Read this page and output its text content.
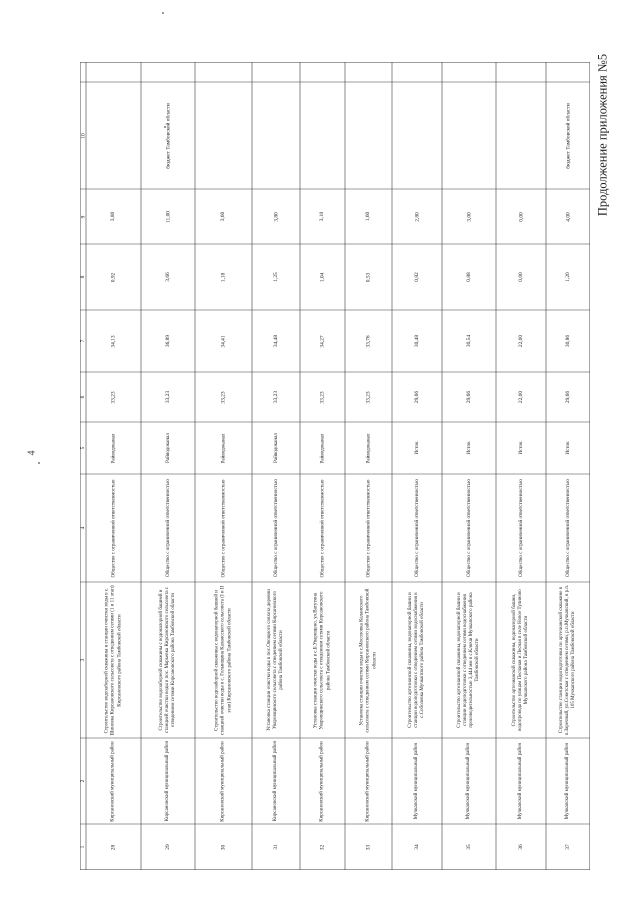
4
Продолжение приложения №5
1
2
3
4
5
6
7
8
9
10
28
Кирсановский муниципальный район
Строительство водозаборной скважины и станции очистки воды в с. Шиновка Кирсановского сельсовета с отведением сетями (1 и 11 этап) Кирсановского района Тамбовской области
Общество с ограниченной ответственностью
Райводоканал
33,23
34,13
0,92
3,80
29
Кирсановский муниципальный район
Строительство водозаборной скважины с водонапорной башней и станцией очистки воды в пос. Марьевка Кирсановского сельсовета с отведением сетями Кирсановского района Тамбовской области
Общество с ограниченной ответственностью
Райводоканал
33,23
36,89
3,66
11,00
бюджет Тамбовской области
30
Кирсановский муниципальный район
Строительство водозаборной скважины с водонапорной башней и станцией очистки воды в с. Голынщина Калаисского сельсовета (I и II этап) Кирсановского района Тамбовской области
Общество с ограниченной ответственностью
Райводоканал
33,23
34,41
1,18
3,60
31
Кирсановский муниципальный район
Установка станции очистки воды в пос.Овощного совхоза деревни Уваровщинского сельсовета с отведением сетями Кирсановского района Тамбовской области
Общество с ограниченной ответственностью
Райводоканал
33,23
34,48
1,25
3,80
32
Кирсановский муниципальный район
Установка станции очистки воды в с.Б.Уварищено, ул.Ватутина Уваровщинского сельсовета с отведением сетями Кирсановского района Тамбовской области
Общество с ограниченной ответственностью
Райводоканал
33,23
34,27
1,04
3,10
33
Кирсановский муниципальный район
Установка станции очистки воды в с.Мосоловка Калаисского сельсовета с отведением сетями Кирсановского района Тамбовской области
Общество с ограниченной ответственностью
Райводоканал
33,23
33,76
0,53
1,60
34
Мучкапский муниципальный район
Строительство артезианской скважины, водонапорной башни и станции водоподготовки с отведением сетями водоснабжения в с.Соболевка Мучкапского района Тамбовской области
Общество с ограниченной ответственностью
Исток
29,66
30,48
0,82
2,80
35
Мучкапский муниципальный район
Строительство артезианской скважины, водонапорной башни и станции водоподготовки с отведением сетями водоснабжения производительностью 3,444 мм в с.Ключи Мучкапского района Тамбовской области
Общество с ограниченной ответственностью
Исток
29,66
30,54
0,88
3,00
36
Мучкапский муниципальный район
Строительство артезианской скважины, водонапорной башни, водопровода по улицам Песчаная и Лесная в селе Новое Тулиново Мучкапского района Тамбовской области
Общество с ограниченной ответственностью
Исток
22,00
22,00
0,00
0,00
37
Мучкапский муниципальный район
Строительство станции водоподготовки по артезианской скважине в п.Заречный, ул.Советская с отведением сетями, р.п.Мучкапский, в р.п. 105 Мучкапского района Тамбовской области
Общество с ограниченной ответственностью
Исток
29,66
30,86
1,20
4,00
бюджет Тамбовской области
